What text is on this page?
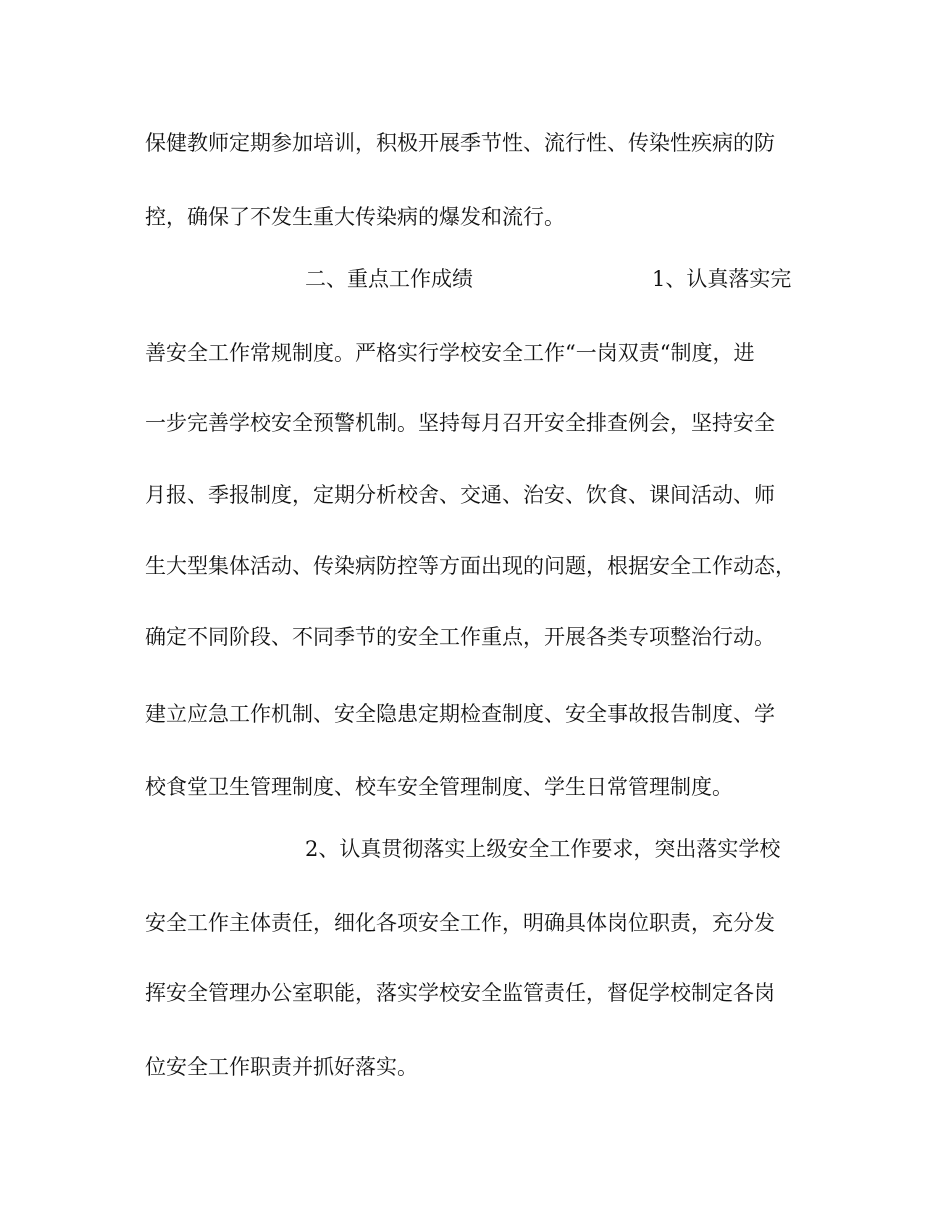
保健教师定期参加培训，积极开展季节性、流行性、传染性疾病的防
控，确保了不发生重大传染病的爆发和流行。
二、重点工作成绩	1、认真落实完
善安全工作常规制度。严格实行学校安全工作“一岗双责“制度，进
一步完善学校安全预警机制。坚持每月召开安全排查例会，坚持安全
月报、季报制度，定期分析校舍、交通、治安、饮食、课间活动、师
生大型集体活动、传染病防控等方面出现的问题，根据安全工作动态，
确定不同阶段、不同季节的安全工作重点，开展各类专项整治行动。
建立应急工作机制、安全隐患定期检查制度、安全事故报告制度、学
校食堂卫生管理制度、校车安全管理制度、学生日常管理制度。
2、认真贯彻落实上级安全工作要求，突出落实学校
安全工作主体责任，细化各项安全工作，明确具体岗位职责，充分发
挥安全管理办公室职能，落实学校安全监管责任，督促学校制定各岗
位安全工作职责并抓好落实。
